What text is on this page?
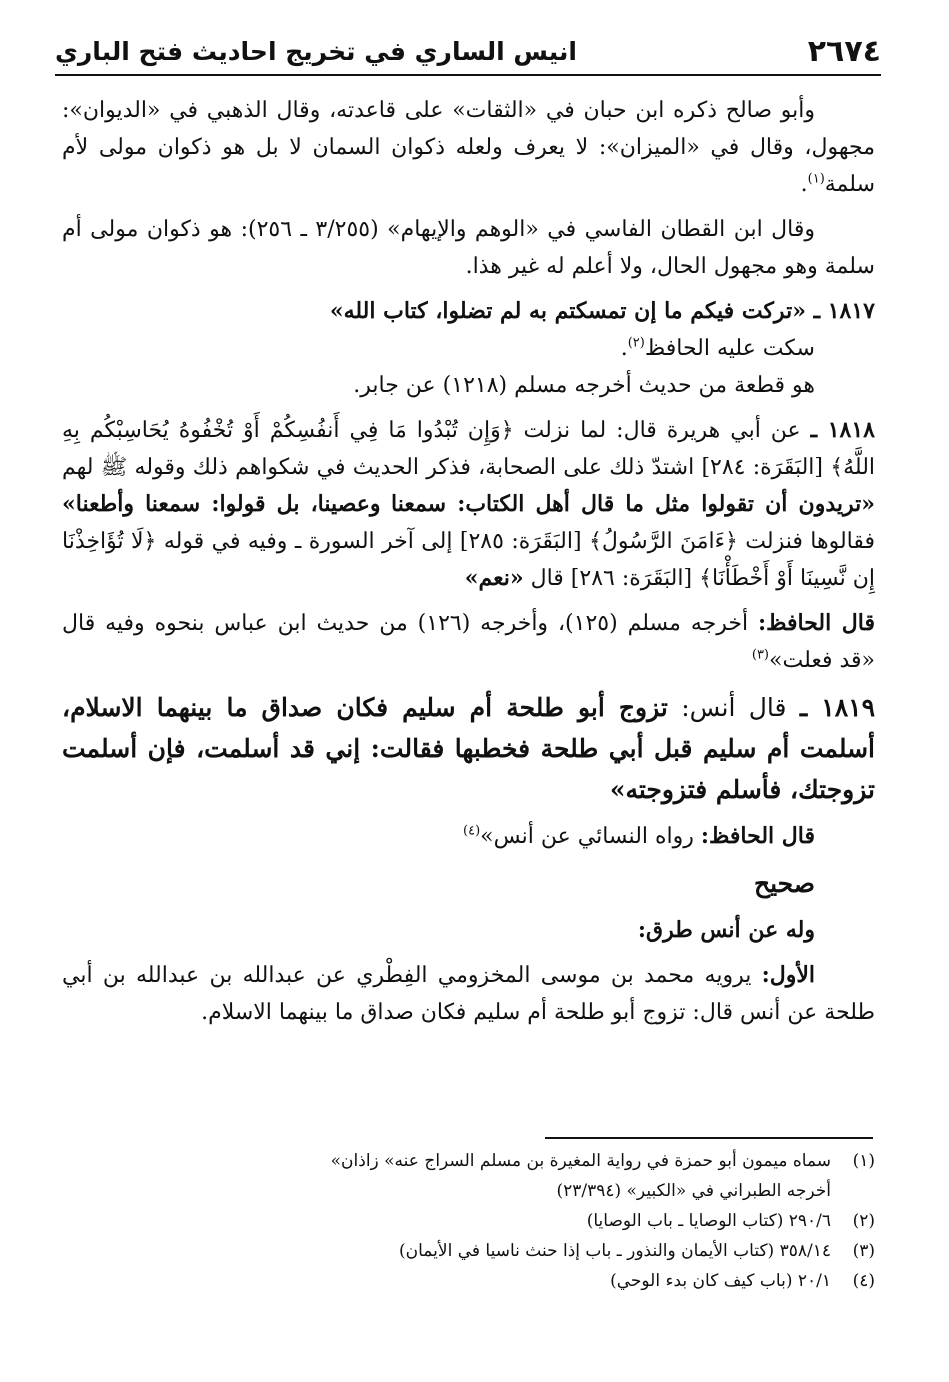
٢٦٧٤
انيس الساري في تخريج احاديث فتح الباري

وأبو صالح ذكره ابن حبان في «الثقات» على قاعدته، وقال الذهبي في «الديوان»: مجهول، وقال في «الميزان»: لا يعرف ولعله ذكوان السمان لا بل هو ذكوان مولى لأم سلمة$^{(١)}$.

وقال ابن القطان الفاسي في «الوهم والإيهام» (٣/٢٥٥ ـ ٢٥٦): هو ذكوان مولى أم سلمة وهو مجهول الحال، ولا أعلم له غير هذا.

١٨١٧ ـ «تركت فيكم ما إن تمسكتم به لم تضلوا، كتاب الله»
سكت عليه الحافظ$^{(٢)}$.
هو قطعة من حديث أخرجه مسلم (١٢١٨) عن جابر.
١٨١٨ ـ عن أبي هريرة قال: لما نزلت ﴿وَإِن تُبْدُوا مَا فِي أَنفُسِكُمْ أَوْ تُخْفُوهُ يُحَاسِبْكُم بِهِ اللَّهُ﴾ [البَقَرَة: ٢٨٤] اشتدّ ذلك على الصحابة، فذكر الحديث في شكواهم ذلك وقوله ﷺ لهم «تريدون أن تقولوا مثل ما قال أهل الكتاب: سمعنا وعصينا، بل قولوا: سمعنا وأطعنا» فقالوها فنزلت ﴿ءَامَنَ الرَّسُولُ﴾ [البَقَرَة: ٢٨٥] إلى آخر السورة ـ وفيه في قوله ﴿لَا تُؤَاخِذْنَا إِن نَّسِينَا أَوْ أَخْطَأْنَا﴾ [البَقَرَة: ٢٨٦] قال «نعم»

قال الحافظ: أخرجه مسلم (١٢٥)، وأخرجه (١٢٦) من حديث ابن عباس بنحوه وفيه قال «قد فعلت»$^{(٣)}$

١٨١٩ ـ قال أنس: تزوج أبو طلحة أم سليم فكان صداق ما بينهما الاسلام، أسلمت أم سليم قبل أبي طلحة فخطبها فقالت: إني قد أسلمت، فإن أسلمت تزوجتك، فأسلم فتزوجته»

قال الحافظ: رواه النسائي عن أنس»$^{(٤)}$

صحيح

وله عن أنس طرق:

الأول: يرويه محمد بن موسى المخزومي الفِطْري عن عبدالله بن عبدالله بن أبي طلحة عن أنس قال: تزوج أبو طلحة أم سليم فكان صداق ما بينهما الاسلام.

(١)
سماه ميمون أبو حمزة في رواية المغيرة بن مسلم السراج عنه» زاذان»
أخرجه الطبراني في «الكبير» (٢٣/٣٩٤)
(٢)
٢٩٠/٦ (كتاب الوصايا ـ باب الوصايا)
(٣)
٣٥٨/١٤ (كتاب الأيمان والنذور ـ باب إذا حنث ناسيا في الأيمان)
(٤)
٢٠/١ (باب كيف كان بدء الوحي)
